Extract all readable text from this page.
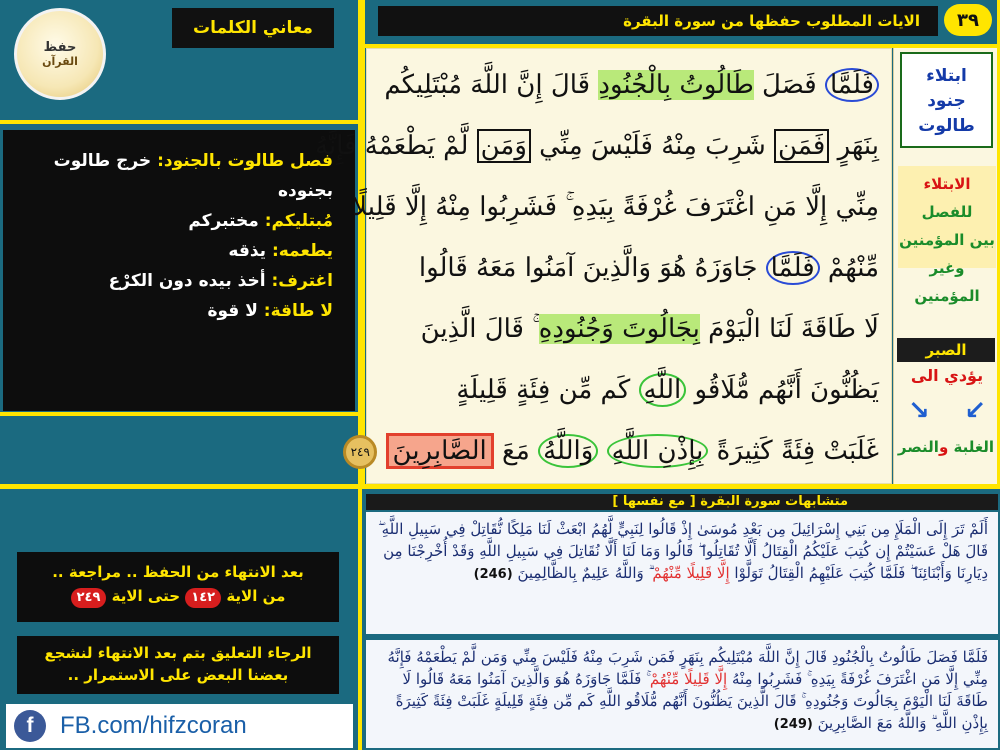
حفظ
القرآن
معاني الكلمات
فصل طالوت بالجنود: خرج طالوت بجنوده
مُبتليكم: مختبركم
يطعمه: يذقه
اغترف: أخذ بيده دون الكرْع
لا طاقة: لا قوة
بعد الانتهاء من الحفظ .. مراجعة ..
من الاية ١٤٢ حتى الاية ٢٤٩
الرجاء التعليق بتم بعد الانتهاء لنشجع
بعضنا البعض على الاستمرار ..
f	FB.com/hifzcoran
٣٩
الايات المطلوب حفظها من سورة البقرة
فَلَمَّا فَصَلَ طَالُوتُ بِالْجُنُودِ قَالَ إِنَّ اللَّهَ مُبْتَلِيكُم
بِنَهَرٍ فَمَن شَرِبَ مِنْهُ فَلَيْسَ مِنِّي وَمَن لَّمْ يَطْعَمْهُ فَإِنَّهُ
مِنِّي إِلَّا مَنِ اغْتَرَفَ غُرْفَةً بِيَدِهِ ۚ فَشَرِبُوا مِنْهُ إِلَّا قَلِيلًا
مِّنْهُمْ فَلَمَّا جَاوَزَهُ هُوَ وَالَّذِينَ آمَنُوا مَعَهُ قَالُوا
لَا طَاقَةَ لَنَا الْيَوْمَ بِجَالُوتَ وَجُنُودِهِ ۚ قَالَ الَّذِينَ
يَظُنُّونَ أَنَّهُم مُّلَاقُو اللَّهِ كَم مِّن فِئَةٍ قَلِيلَةٍ
غَلَبَتْ فِئَةً كَثِيرَةً بِإِذْنِ اللَّهِ وَاللَّهُ مَعَ الصَّابِرِينَ ٢٤٩
ابتلاء
جنود
طالوت
الابتلاء للفصل
بين المؤمنين
وغير المؤمنين
الصبر
يؤدي الى
↘ ↙
الغلبة والنصر
متشابهات سورة البقرة [ مع نفسها ]
أَلَمْ تَرَ إِلَى الْمَلَإِ مِن بَنِي إِسْرَائِيلَ مِن بَعْدِ مُوسَىٰ إِذْ قَالُوا لِنَبِيٍّ لَّهُمُ ابْعَثْ لَنَا مَلِكًا نُّقَاتِلْ فِي سَبِيلِ اللَّهِ ۖ قَالَ هَلْ عَسَيْتُمْ إِن كُتِبَ عَلَيْكُمُ الْقِتَالُ أَلَّا تُقَاتِلُوا ۖ قَالُوا وَمَا لَنَا أَلَّا نُقَاتِلَ فِي سَبِيلِ اللَّهِ وَقَدْ أُخْرِجْنَا مِن دِيَارِنَا وَأَبْنَائِنَا ۖ فَلَمَّا كُتِبَ عَلَيْهِمُ الْقِتَالُ تَوَلَّوْا إِلَّا قَلِيلًا مِّنْهُمْ ۗ وَاللَّهُ عَلِيمٌ بِالظَّالِمِينَ (246)
فَلَمَّا فَصَلَ طَالُوتُ بِالْجُنُودِ قَالَ إِنَّ اللَّهَ مُبْتَلِيكُم بِنَهَرٍ فَمَن شَرِبَ مِنْهُ فَلَيْسَ مِنِّي وَمَن لَّمْ يَطْعَمْهُ فَإِنَّهُ مِنِّي إِلَّا مَنِ اغْتَرَفَ غُرْفَةً بِيَدِهِ ۚ فَشَرِبُوا مِنْهُ إِلَّا قَلِيلًا مِّنْهُمْ ۚ فَلَمَّا جَاوَزَهُ هُوَ وَالَّذِينَ آمَنُوا مَعَهُ قَالُوا لَا طَاقَةَ لَنَا الْيَوْمَ بِجَالُوتَ وَجُنُودِهِ ۚ قَالَ الَّذِينَ يَظُنُّونَ أَنَّهُم مُّلَاقُو اللَّهِ كَم مِّن فِئَةٍ قَلِيلَةٍ غَلَبَتْ فِئَةً كَثِيرَةً بِإِذْنِ اللَّهِ ۗ وَاللَّهُ مَعَ الصَّابِرِينَ (249)
